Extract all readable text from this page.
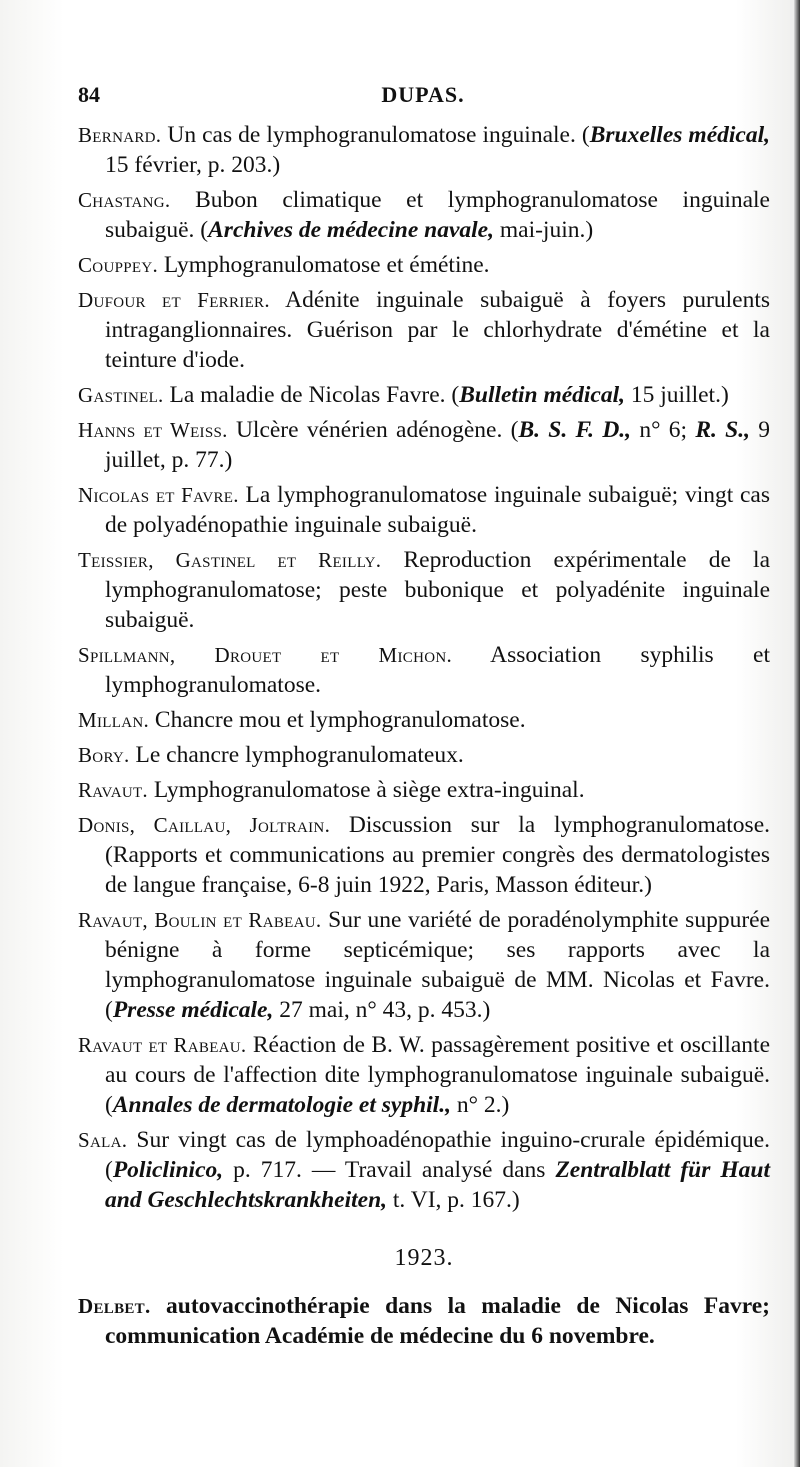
84	DUPAS.

Bernard. Un cas de lymphogranulomatose inguinale. (Bruxelles médical, 15 février, p. 203.)

Chastang. Bubon climatique et lymphogranulomatose inguinale subaiguë. (Archives de médecine navale, mai-juin.)

Couppey. Lymphogranulomatose et émétine.

Dufour et Ferrier. Adénite inguinale subaiguë à foyers purulents intraganglionnaires. Guérison par le chlorhydrate d'émétine et la teinture d'iode.

Gastinel. La maladie de Nicolas Favre. (Bulletin médical, 15 juillet.)

Hanns et Weiss. Ulcère vénérien adénogène. (B. S. F. D., n° 6; R. S., 9 juillet, p. 77.)

Nicolas et Favre. La lymphogranulomatose inguinale subaiguë; vingt cas de polyadénopathie inguinale subaiguë.

Teissier, Gastinel et Reilly. Reproduction expérimentale de la lymphogranulomatose; peste bubonique et polyadénite inguinale subaiguë.

Spillmann, Drouet et Michon. Association syphilis et lymphogranulomatose.

Millan. Chancre mou et lymphogranulomatose.

Bory. Le chancre lymphogranulomateux.

Ravaut. Lymphogranulomatose à siège extra-inguinal.

Donis, Caillau, Joltrain. Discussion sur la lymphogranulomatose. (Rapports et communications au premier congrès des dermatologistes de langue française, 6-8 juin 1922, Paris, Masson éditeur.)

Ravaut, Boulin et Rabeau. Sur une variété de poradénolymphite suppurée bénigne à forme septicémique; ses rapports avec la lymphogranulomatose inguinale subaiguë de MM. Nicolas et Favre. (Presse médicale, 27 mai, n° 43, p. 453.)

Ravaut et Rabeau. Réaction de B. W. passagèrement positive et oscillante au cours de l'affection dite lymphogranulomatose inguinale subaiguë. (Annales de dermatologie et syphil., n° 2.)

Sala. Sur vingt cas de lymphoadénopathie inguino-crurale épidémique. (Policlinico, p. 717. — Travail analysé dans Zentralblatt für Haut and Geschlechtskrankheiten, t. VI, p. 167.)

1923.

Delbet. autovaccinothérapie dans la maladie de Nicolas Favre; communication Académie de médecine du 6 novembre.
